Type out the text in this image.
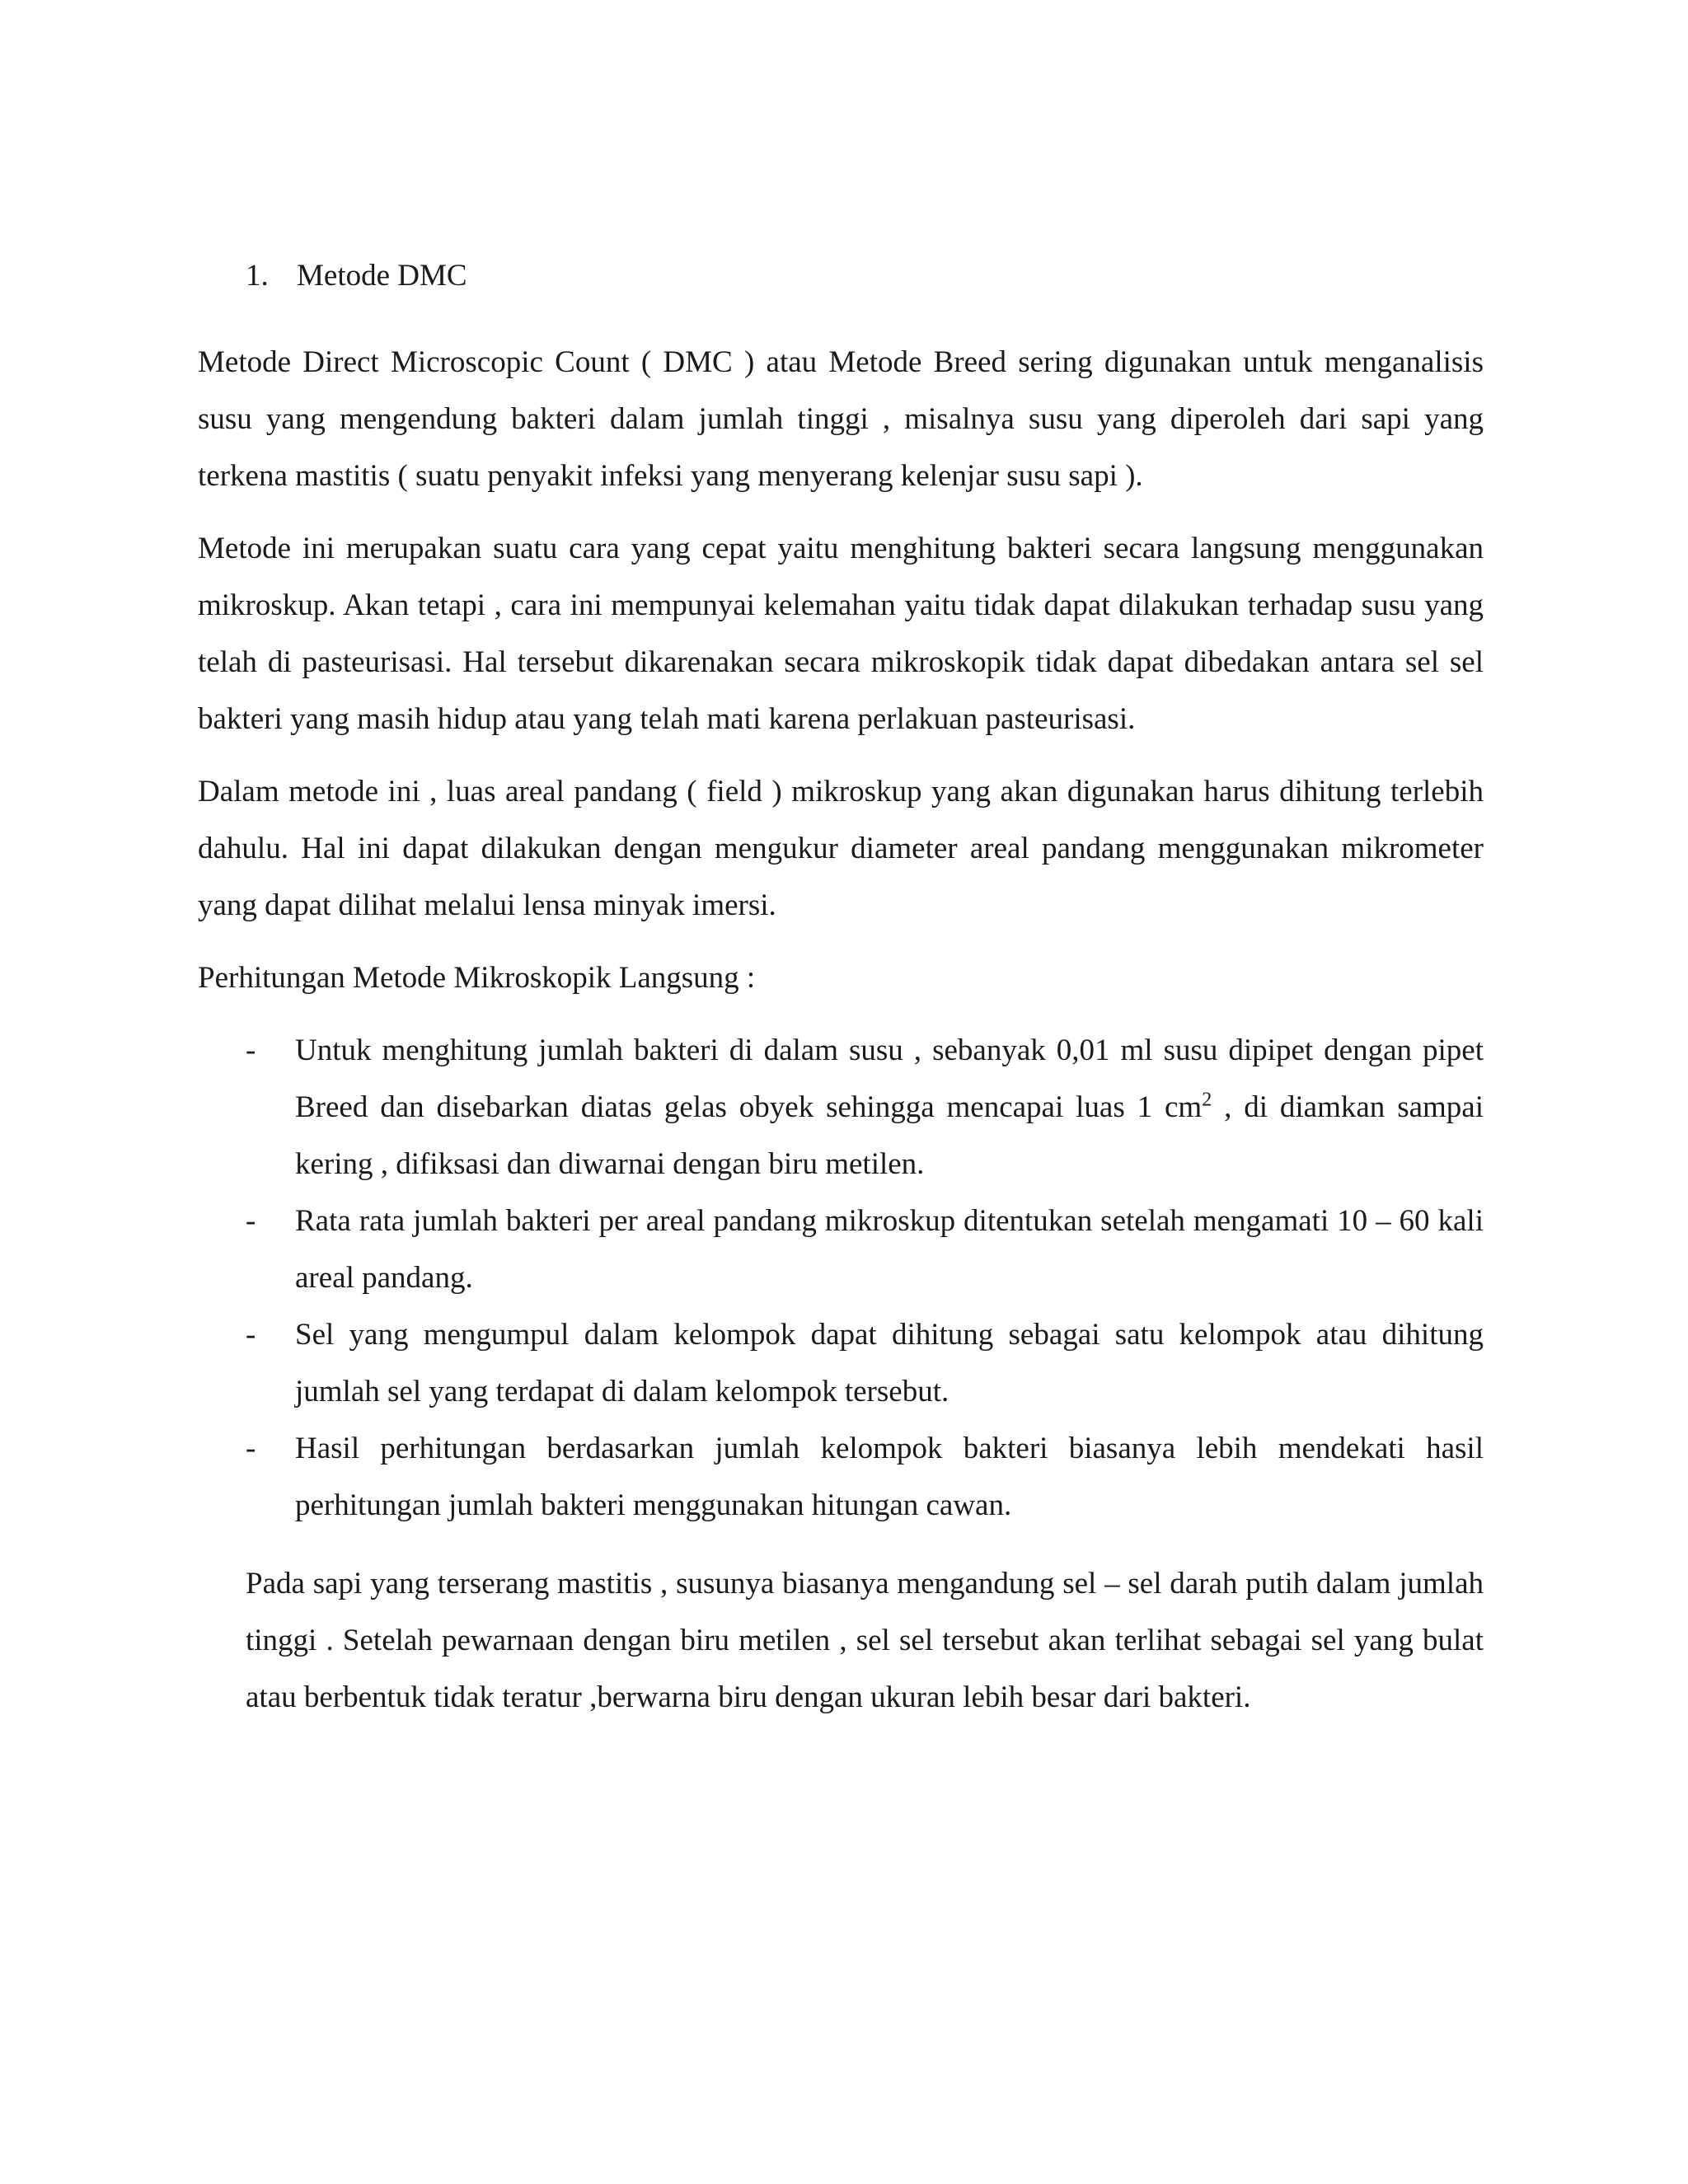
1. Metode DMC

Metode Direct Microscopic Count ( DMC ) atau Metode Breed sering digunakan untuk menganalisis susu yang mengendung bakteri dalam jumlah tinggi , misalnya susu yang diperoleh dari sapi yang terkena mastitis ( suatu penyakit infeksi yang menyerang kelenjar susu sapi ).

Metode ini merupakan suatu cara yang cepat yaitu menghitung bakteri secara langsung menggunakan mikroskup. Akan tetapi , cara ini mempunyai kelemahan yaitu tidak dapat dilakukan terhadap susu yang telah di pasteurisasi. Hal tersebut dikarenakan secara mikroskopik tidak dapat dibedakan antara sel sel bakteri yang masih hidup atau yang telah mati karena perlakuan pasteurisasi.

Dalam metode ini , luas areal pandang ( field ) mikroskup yang akan digunakan harus dihitung terlebih dahulu. Hal ini dapat dilakukan dengan mengukur diameter areal pandang menggunakan mikrometer yang dapat dilihat melalui lensa minyak imersi.

Perhitungan Metode Mikroskopik Langsung :

-	Untuk menghitung jumlah bakteri di dalam susu , sebanyak 0,01 ml susu dipipet dengan pipet Breed dan disebarkan diatas gelas obyek sehingga mencapai luas 1 $cm^2$ , di diamkan sampai kering , difiksasi dan diwarnai dengan biru metilen.
-	Rata rata jumlah bakteri per areal pandang mikroskup ditentukan setelah mengamati 10 – 60 kali areal pandang.
-	Sel yang mengumpul dalam kelompok dapat dihitung sebagai satu kelompok atau dihitung jumlah sel yang terdapat di dalam kelompok tersebut.
-	Hasil perhitungan berdasarkan jumlah kelompok bakteri biasanya lebih mendekati hasil perhitungan jumlah bakteri menggunakan hitungan cawan.

Pada sapi yang terserang mastitis , susunya biasanya mengandung sel – sel darah putih dalam jumlah tinggi . Setelah pewarnaan dengan biru metilen , sel sel tersebut akan terlihat sebagai sel yang bulat atau berbentuk tidak teratur ,berwarna biru dengan ukuran lebih besar dari bakteri.
